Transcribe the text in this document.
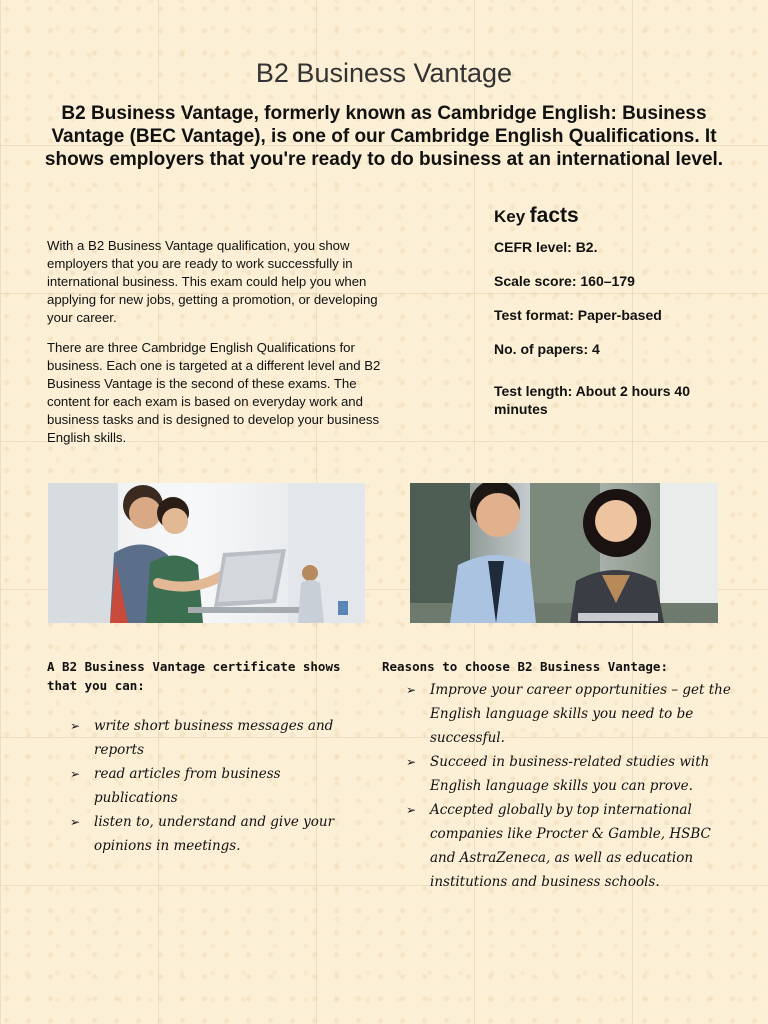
B2 Business Vantage

B2 Business Vantage, formerly known as Cambridge English: Business Vantage (BEC Vantage), is one of our Cambridge English Qualifications. It shows employers that you're ready to do business at an international level.

With a B2 Business Vantage qualification, you show employers that you are ready to work successfully in international business. This exam could help you when applying for new jobs, getting a promotion, or developing your career.

There are three Cambridge English Qualifications for business. Each one is targeted at a different level and B2 Business Vantage is the second of these exams. The content for each exam is based on everyday work and business tasks and is designed to develop your business English skills.

Key facts

CEFR level: B2.

Scale score: 160–179

Test format: Paper-based

No. of papers: 4

Test length: About 2 hours 40 minutes

A B2 Business Vantage certificate shows that you can:

Reasons to choose B2 Business Vantage:

➢ write short business messages and reports
➢ read articles from business publications
➢ listen to, understand and give your opinions in meetings.
➢ Improve your career opportunities – get the English language skills you need to be successful.
➢ Succeed in business-related studies with English language skills you can prove.
➢ Accepted globally by top international companies like Procter & Gamble, HSBC and AstraZeneca, as well as education institutions and business schools.
